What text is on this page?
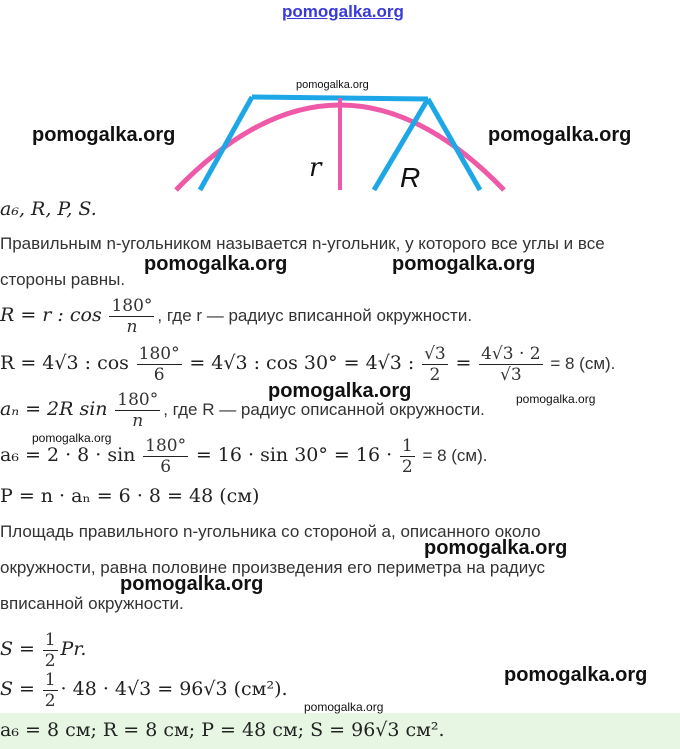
pomogalka.org
pomogalka.org
r	R
a₆, R, P, S.
Правильным n-угольником называется n-угольник, у которого все углы и все
стороны равны.
R = r : $\cos \frac{180^\circ}{n}$ , где r — радиус вписанной окружности.
R = 4√3 : $\cos \frac{180^\circ}{6} = 4√3$ : cos 30° = 4√3 : $\frac{√3}{2} = \frac{4√3 \cdot 2}{√3} = 8$ (см).
aₙ = 2R $\sin \frac{180^\circ}{n}$ , где R — радиус описанной окружности.
$a_6 = 2 \cdot 8 \cdot \sin \frac{180^\circ}{6} = 16 \cdot \sin 30^\circ = 16 \cdot \frac{1}{2} = 8$ (см).
P = n · aₙ = 6 · 8 = 48 (см)
Площадь правильного n-угольника со стороной a, описанного около
окружности, равна половине произведения его периметра на радиус
вписанной окружности.
$S = \frac{1}{2} Pr$.
$S = \frac{1}{2} \cdot 48 \cdot 4√3 = 96√3$ (см²).
a₆ = 8 см; R = 8 см; P = 48 см; S = 96√3 см².
pomogalka.org	pomogalka.org
pomogalka.org	pomogalka.org
pomogalka.org	pomogalka.org
pomogalka.org
pomogalka.org
pomogalka.org
pomogalka.org
pomogalka.org
